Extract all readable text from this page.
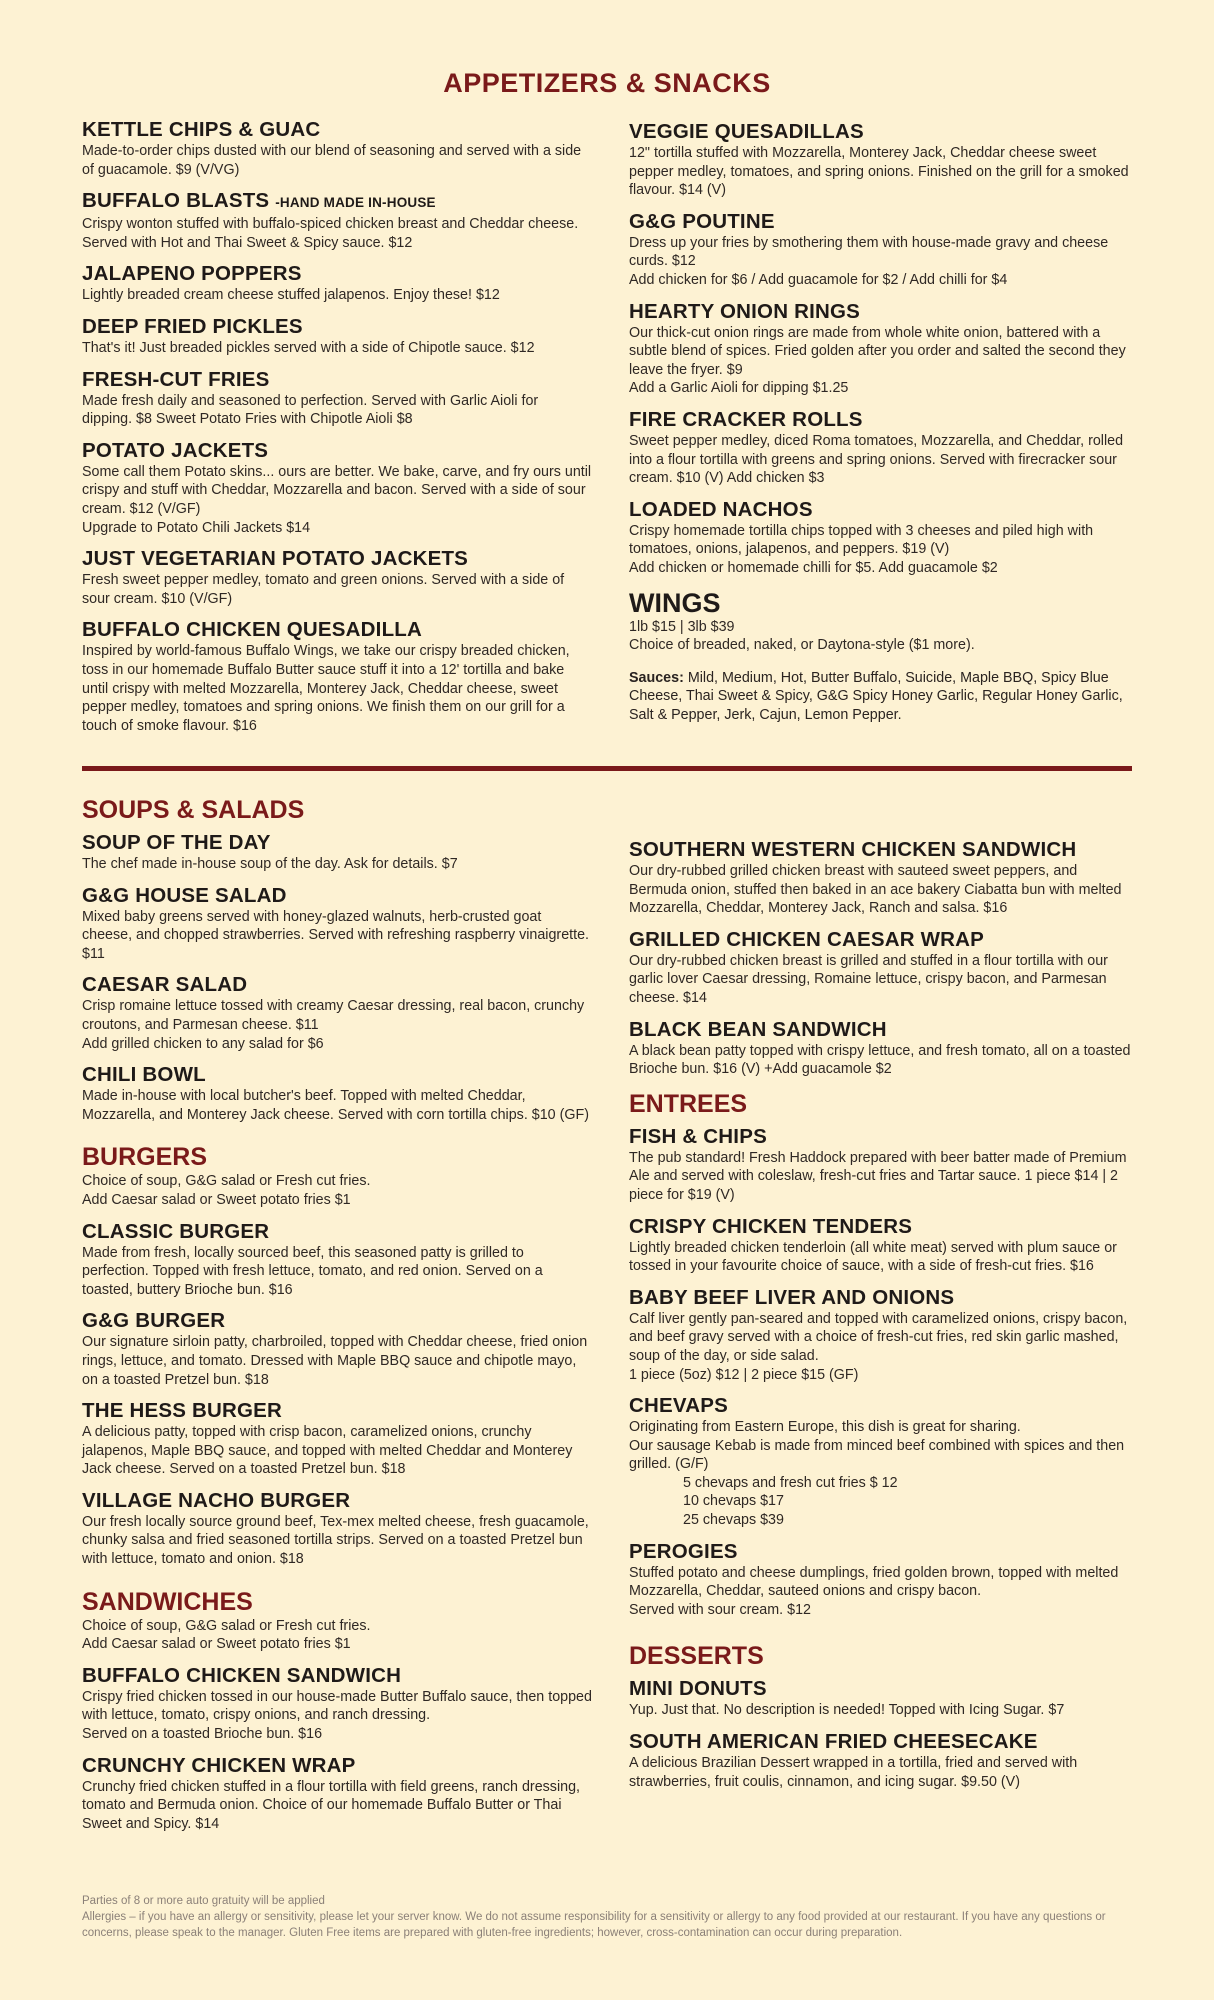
APPETIZERS & SNACKS
KETTLE CHIPS & GUAC
Made-to-order chips dusted with our blend of seasoning and served with a side of guacamole. $9 (V/VG)
BUFFALO BLASTS -HAND MADE IN-HOUSE
Crispy wonton stuffed with buffalo-spiced chicken breast and Cheddar cheese. Served with Hot and Thai Sweet & Spicy sauce. $12
JALAPENO POPPERS
Lightly breaded cream cheese stuffed jalapenos. Enjoy these! $12
DEEP FRIED PICKLES
That's it! Just breaded pickles served with a side of Chipotle sauce. $12
FRESH-CUT FRIES
Made fresh daily and seasoned to perfection. Served with Garlic Aioli for dipping. $8 Sweet Potato Fries with Chipotle Aioli $8
POTATO JACKETS
Some call them Potato skins... ours are better. We bake, carve, and fry ours until crispy and stuff with Cheddar, Mozzarella and bacon. Served with a side of sour cream. $12 (V/GF)
Upgrade to Potato Chili Jackets $14
JUST VEGETARIAN POTATO JACKETS
Fresh sweet pepper medley, tomato and green onions. Served with a side of sour cream. $10 (V/GF)
BUFFALO CHICKEN QUESADILLA
Inspired by world-famous Buffalo Wings, we take our crispy breaded chicken, toss in our homemade Buffalo Butter sauce stuff it into a 12' tortilla and bake until crispy with melted Mozzarella, Monterey Jack, Cheddar cheese, sweet pepper medley, tomatoes and spring onions. We finish them on our grill for a touch of smoke flavour. $16
VEGGIE QUESADILLAS
12" tortilla stuffed with Mozzarella, Monterey Jack, Cheddar cheese sweet pepper medley, tomatoes, and spring onions. Finished on the grill for a smoked flavour. $14 (V)
G&G POUTINE
Dress up your fries by smothering them with house-made gravy and cheese curds. $12
Add chicken for $6 / Add guacamole for $2 / Add chilli for $4
HEARTY ONION RINGS
Our thick-cut onion rings are made from whole white onion, battered with a subtle blend of spices. Fried golden after you order and salted the second they leave the fryer. $9
Add a Garlic Aioli for dipping $1.25
FIRE CRACKER ROLLS
Sweet pepper medley, diced Roma tomatoes, Mozzarella, and Cheddar, rolled into a flour tortilla with greens and spring onions. Served with firecracker sour cream. $10 (V) Add chicken $3
LOADED NACHOS
Crispy homemade tortilla chips topped with 3 cheeses and piled high with tomatoes, onions, jalapenos, and peppers. $19 (V)
Add chicken or homemade chilli for $5. Add guacamole $2
WINGS
1lb $15 | 3lb $39
Choice of breaded, naked, or Daytona-style ($1 more).
Sauces: Mild, Medium, Hot, Butter Buffalo, Suicide, Maple BBQ, Spicy Blue Cheese, Thai Sweet & Spicy, G&G Spicy Honey Garlic, Regular Honey Garlic, Salt & Pepper, Jerk, Cajun, Lemon Pepper.
SOUPS & SALADS
SOUP OF THE DAY
The chef made in-house soup of the day. Ask for details. $7
G&G HOUSE SALAD
Mixed baby greens served with honey-glazed walnuts, herb-crusted goat cheese, and chopped strawberries. Served with refreshing raspberry vinaigrette. $11
CAESAR SALAD
Crisp romaine lettuce tossed with creamy Caesar dressing, real bacon, crunchy croutons, and Parmesan cheese. $11
Add grilled chicken to any salad for $6
CHILI BOWL
Made in-house with local butcher's beef. Topped with melted Cheddar, Mozzarella, and Monterey Jack cheese. Served with corn tortilla chips. $10 (GF)
BURGERS
Choice of soup, G&G salad or Fresh cut fries.
Add Caesar salad or Sweet potato fries $1
CLASSIC BURGER
Made from fresh, locally sourced beef, this seasoned patty is grilled to perfection. Topped with fresh lettuce, tomato, and red onion. Served on a toasted, buttery Brioche bun. $16
G&G BURGER
Our signature sirloin patty, charbroiled, topped with Cheddar cheese, fried onion rings, lettuce, and tomato. Dressed with Maple BBQ sauce and chipotle mayo, on a toasted Pretzel bun. $18
THE HESS BURGER
A delicious patty, topped with crisp bacon, caramelized onions, crunchy jalapenos, Maple BBQ sauce, and topped with melted Cheddar and Monterey Jack cheese. Served on a toasted Pretzel bun. $18
VILLAGE NACHO BURGER
Our fresh locally source ground beef, Tex-mex melted cheese, fresh guacamole, chunky salsa and fried seasoned tortilla strips. Served on a toasted Pretzel bun with lettuce, tomato and onion. $18
SANDWICHES
Choice of soup, G&G salad or Fresh cut fries.
Add Caesar salad or Sweet potato fries $1
BUFFALO CHICKEN SANDWICH
Crispy fried chicken tossed in our house-made Butter Buffalo sauce, then topped with lettuce, tomato, crispy onions, and ranch dressing.
Served on a toasted Brioche bun. $16
CRUNCHY CHICKEN WRAP
Crunchy fried chicken stuffed in a flour tortilla with field greens, ranch dressing, tomato and Bermuda onion. Choice of our homemade Buffalo Butter or Thai Sweet and Spicy. $14
SOUTHERN WESTERN CHICKEN SANDWICH
Our dry-rubbed grilled chicken breast with sauteed sweet peppers, and Bermuda onion, stuffed then baked in an ace bakery Ciabatta bun with melted Mozzarella, Cheddar, Monterey Jack, Ranch and salsa. $16
GRILLED CHICKEN CAESAR WRAP
Our dry-rubbed chicken breast is grilled and stuffed in a flour tortilla with our garlic lover Caesar dressing, Romaine lettuce, crispy bacon, and Parmesan cheese. $14
BLACK BEAN SANDWICH
A black bean patty topped with crispy lettuce, and fresh tomato, all on a toasted Brioche bun. $16 (V) +Add guacamole $2
ENTREES
FISH & CHIPS
The pub standard! Fresh Haddock prepared with beer batter made of Premium Ale and served with coleslaw, fresh-cut fries and Tartar sauce. 1 piece $14 | 2 piece for $19 (V)
CRISPY CHICKEN TENDERS
Lightly breaded chicken tenderloin (all white meat) served with plum sauce or tossed in your favourite choice of sauce, with a side of fresh-cut fries. $16
BABY BEEF LIVER AND ONIONS
Calf liver gently pan-seared and topped with caramelized onions, crispy bacon, and beef gravy served with a choice of fresh-cut fries, red skin garlic mashed, soup of the day, or side salad.
1 piece (5oz) $12 | 2 piece $15 (GF)
CHEVAPS
Originating from Eastern Europe, this dish is great for sharing.
Our sausage Kebab is made from minced beef combined with spices and then grilled. (G/F)
5 chevaps and fresh cut fries $ 12
10 chevaps $17
25 chevaps $39
PEROGIES
Stuffed potato and cheese dumplings, fried golden brown, topped with melted Mozzarella, Cheddar, sauteed onions and crispy bacon.
Served with sour cream. $12
DESSERTS
MINI DONUTS
Yup. Just that. No description is needed! Topped with Icing Sugar. $7
SOUTH AMERICAN FRIED CHEESECAKE
A delicious Brazilian Dessert wrapped in a tortilla, fried and served with strawberries, fruit coulis, cinnamon, and icing sugar. $9.50 (V)
Parties of 8 or more auto gratuity will be applied
Allergies – if you have an allergy or sensitivity, please let your server know. We do not assume responsibility for a sensitivity or allergy to any food provided at our restaurant. If you have any questions or concerns, please speak to the manager. Gluten Free items are prepared with gluten-free ingredients; however, cross-contamination can occur during preparation.
